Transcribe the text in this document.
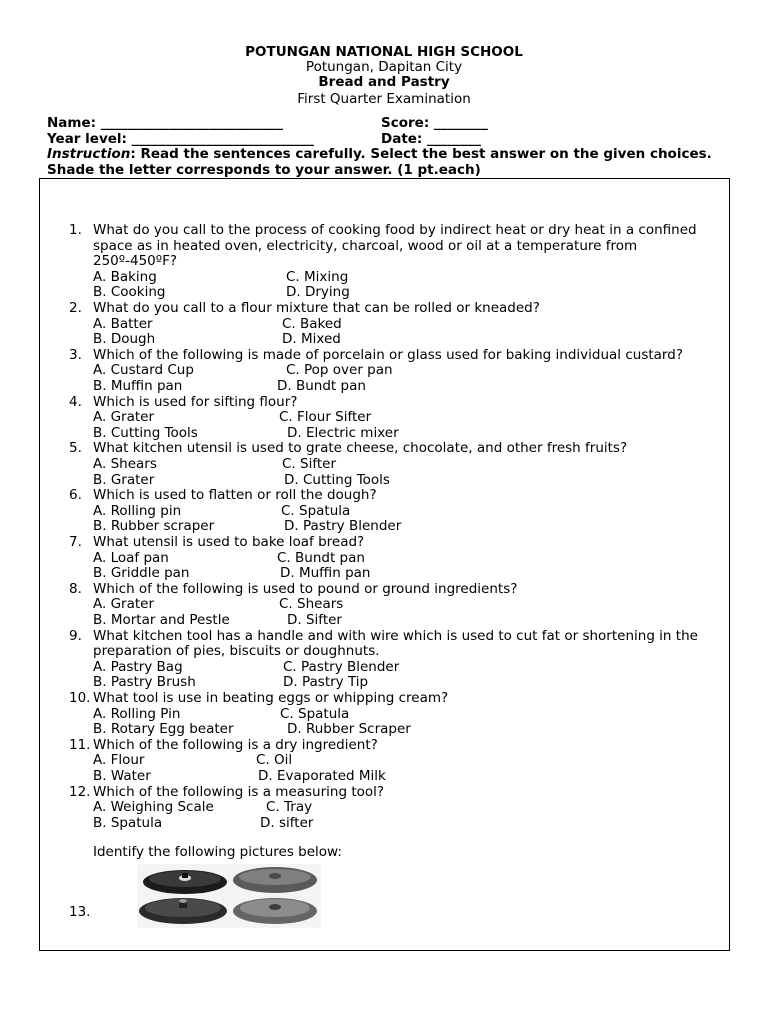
POTUNGAN NATIONAL HIGH SCHOOL
Potungan, Dapitan City
Bread and Pastry
First Quarter Examination
Name: ___________________________	Score: ________
Year level: ___________________________	Date: ________
Instruction: Read the sentences carefully. Select the best answer on the given choices. Shade the letter corresponds to your answer. (1 pt.each)
1. What do you call to the process of cooking food by indirect heat or dry heat in a confined space as in heated oven, electricity, charcoal, wood or oil at a temperature from 250º-450ºF?
A. Baking	C. Mixing
B. Cooking	D. Drying
2. What do you call to a flour mixture that can be rolled or kneaded?
A. Batter	C. Baked
B. Dough	D. Mixed
3. Which of the following is made of porcelain or glass used for baking individual custard?
A. Custard Cup	C. Pop over pan
B. Muffin pan	D. Bundt pan
4. Which is used for sifting flour?
A. Grater	C. Flour Sifter
B. Cutting Tools	D. Electric mixer
5. What kitchen utensil is used to grate cheese, chocolate, and other fresh fruits?
A. Shears	C. Sifter
B. Grater	D. Cutting Tools
6. Which is used to flatten or roll the dough?
A. Rolling pin	C. Spatula
B. Rubber scraper	D. Pastry Blender
7. What utensil is used to bake loaf bread?
A. Loaf pan	C. Bundt pan
B. Griddle pan	D. Muffin pan
8. Which of the following is used to pound or ground ingredients?
A. Grater	C. Shears
B. Mortar and Pestle	D. Sifter
9. What kitchen tool has a handle and with wire which is used to cut fat or shortening in the preparation of pies, biscuits or doughnuts.
A. Pastry Bag	C. Pastry Blender
B. Pastry Brush	D. Pastry Tip
10. What tool is use in beating eggs or whipping cream?
A. Rolling Pin	C. Spatula
B. Rotary Egg beater	D. Rubber Scraper
11. Which of the following is a dry ingredient?
A. Flour	C. Oil
B. Water	D. Evaporated Milk
12. Which of the following is a measuring tool?
A. Weighing Scale	C. Tray
B. Spatula	D. sifter
Identify the following pictures below:
13.
